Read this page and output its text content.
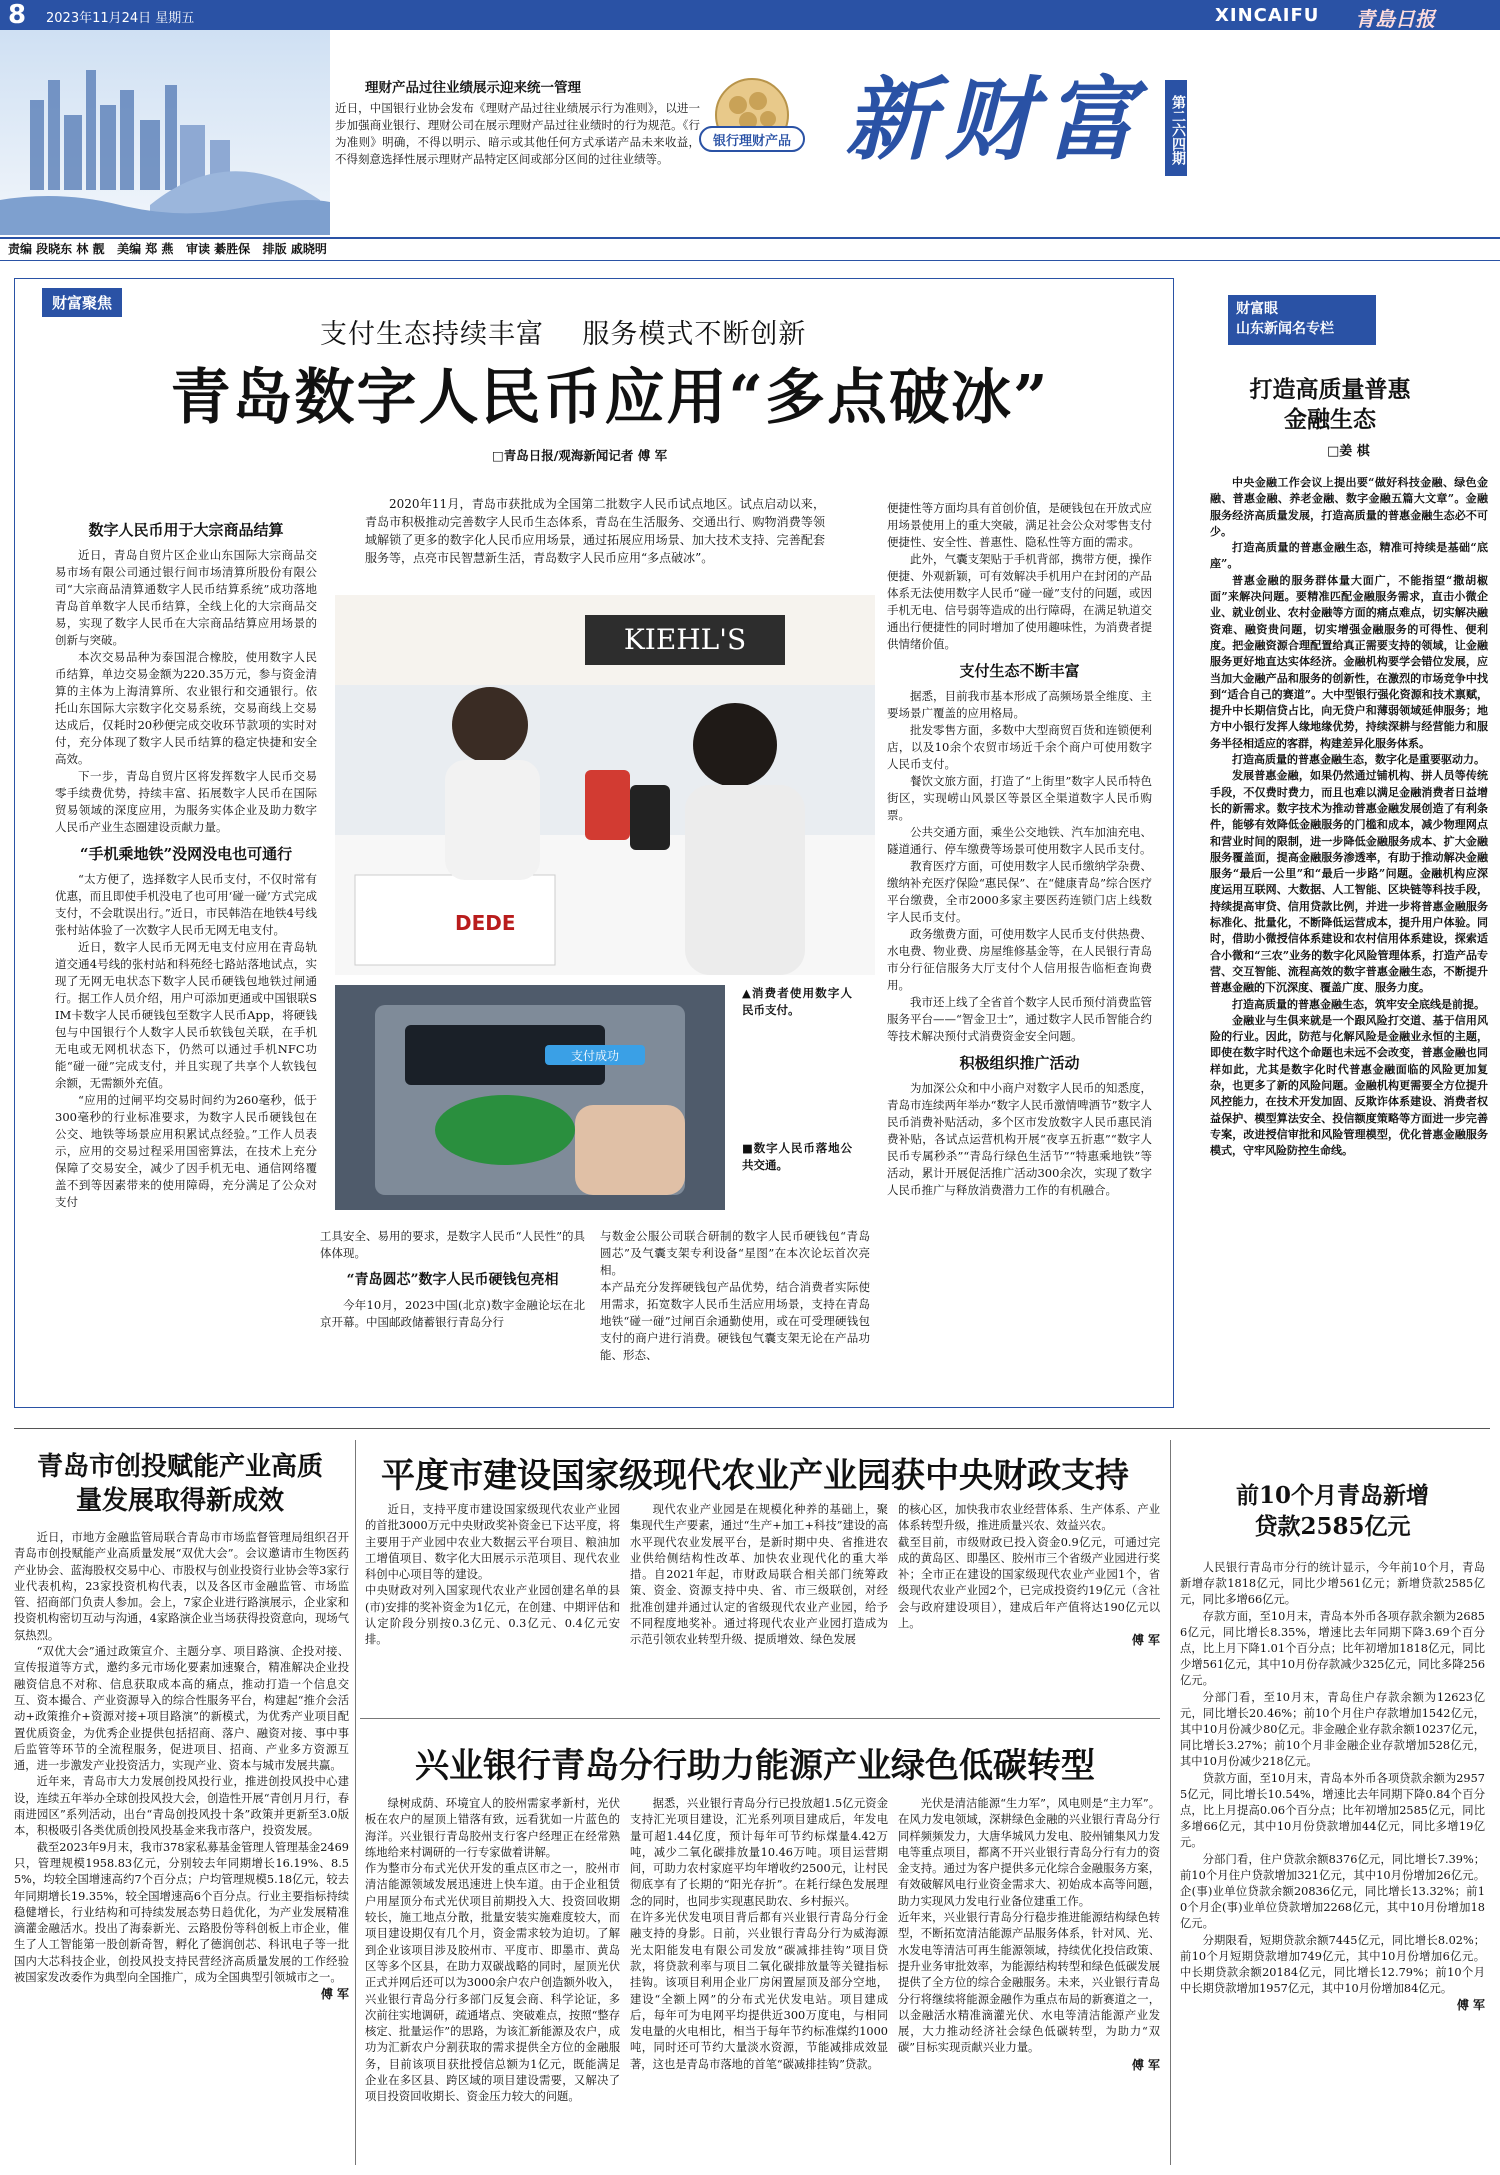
8 2023年11月24日 星期五	XINCAIFU 青島日报
理财产品过往业绩展示迎来统一管理
近日，中国银行业协会发布《理财产品过往业绩展示行为准则》，以进一步加强商业银行、理财公司在展示理财产品过往业绩时的行为规范。《行为准则》明确，不得以明示、暗示或其他任何方式承诺产品未来收益，不得刻意选择性展示理财产品特定区间或部分区间的过往业绩等。
银行理财产品 新财富	第二六四期
责编 段晓东 林 靓   美编 郑 燕   审读 綦胜保   排版 戚晓明
财富聚焦
支付生态持续丰富    服务模式不断创新
青岛数字人民币应用“多点破冰”
□青岛日报/观海新闻记者 傅 军
数字人民币用于大宗商品结算

近日，青岛自贸片区企业山东国际大宗商品交易市场有限公司通过银行间市场清算所股份有限公司“大宗商品清算通数字人民币结算系统”成功落地青岛首单数字人民币结算，全线上化的大宗商品交易，实现了数字人民币在大宗商品结算应用场景的创新与突破。

本次交易品种为泰国混合橡胶，使用数字人民币结算，单边交易金额为220.35万元，参与资金清算的主体为上海清算所、农业银行和交通银行。依托山东国际大宗数字化交易系统，交易商线上交易达成后，仅耗时20秒便完成交收环节款项的实时对付，充分体现了数字人民币结算的稳定快捷和安全高效。

下一步，青岛自贸片区将发挥数字人民币交易零手续费优势，持续丰富、拓展数字人民币在国际贸易领域的深度应用，为服务实体企业及助力数字人民币产业生态圈建设贡献力量。

“手机乘地铁”没网没电也可通行

“太方便了，选择数字人民币支付，不仅时常有优惠，而且即使手机没电了也可用‘碰一碰’方式完成支付，不会耽误出行。”近日，市民韩浩在地铁4号线张村站体验了一次数字人民币无网无电支付。

近日，数字人民币无网无电支付应用在青岛轨道交通4号线的张村站和科苑经七路站落地试点，实现了无网无电状态下数字人民币硬钱包地铁过闸通行。据工作人员介绍，用户可添加更通或中国银联SIM卡数字人民币硬钱包至数字人民币App，将硬钱包与中国银行个人数字人民币软钱包关联，在手机无电或无网机状态下，仍然可以通过手机NFC功能“碰一碰”完成支付，并且实现了共享个人软钱包余额，无需额外充值。

“应用的过闸平均交易时间约为260毫秒，低于300毫秒的行业标准要求，为数字人民币硬钱包在公交、地铁等场景应用积累试点经验。”工作人员表示，应用的交易过程采用国密算法，在技术上充分保障了交易安全，减少了因手机无电、通信网络覆盖不到等因素带来的使用障碍，充分满足了公众对支付

2020年11月，青岛市获批成为全国第二批数字人民币试点地区。试点启动以来，青岛市积极推动完善数字人民币生态体系，青岛在生活服务、交通出行、购物消费等领域解锁了更多的数字化人民币应用场景，通过拓展应用场景、加大技术支持、完善配套服务等，点亮市民智慧新生活，青岛数字人民币应用“多点破冰”。

KIEHL'S
DEDE
支付成功
▲消费者使用数字人民币支付。
■数字人民币落地公共交通。

工具安全、易用的要求，是数字人民币“人民性”的具体体现。

“青岛圆芯”数字人民币硬钱包亮相

今年10月，2023中国(北京)数字金融论坛在北京开幕。中国邮政储蓄银行青岛分行

与数金公服公司联合研制的数字人民币硬钱包“青岛圆芯”及气囊支架专利设备“星图”在本次论坛首次亮相。
本产品充分发挥硬钱包产品优势，结合消费者实际使用需求，拓宽数字人民币生活应用场景，支持在青岛地铁“碰一碰”过闸百余通勤使用，或在可受理硬钱包支付的商户进行消费。硬钱包气囊支架无论在产品功能、形态、

便捷性等方面均具有首创价值，是硬钱包在开放式应用场景使用上的重大突破，满足社会公众对零售支付便捷性、安全性、普惠性、隐私性等方面的需求。

此外，气囊支架贴于手机背部，携带方便，操作便捷、外观新颖，可有效解决手机用户在封闭的产品体系无法使用数字人民币“碰一碰”支付的问题，或因手机无电、信号弱等造成的出行障碍，在满足轨道交通出行便捷性的同时增加了使用趣味性，为消费者提供情绪价值。

支付生态不断丰富

据悉，目前我市基本形成了高频场景全维度、主要场景广覆盖的应用格局。

批发零售方面，多数中大型商贸百货和连锁便利店，以及10余个农贸市场近千余个商户可使用数字人民币支付。

餐饮文旅方面，打造了“上街里”数字人民币特色街区，实现崂山风景区等景区全渠道数字人民币购票。

公共交通方面，乘坐公交地铁、汽车加油充电、隧道通行、停车缴费等场景可使用数字人民币支付。

教育医疗方面，可使用数字人民币缴纳学杂费、缴纳补充医疗保险“惠民保”、在“健康青岛”综合医疗平台缴费，全市2000多家主要医药连锁门店上线数字人民币支付。

政务缴费方面，可使用数字人民币支付供热费、水电费、物业费、房屋维修基金等，在人民银行青岛市分行征信服务大厅支付个人信用报告临柜查询费用。

我市还上线了全省首个数字人民币预付消费监管服务平台——“智金卫士”，通过数字人民币智能合约等技术解决预付式消费资金安全问题。

积极组织推广活动

为加深公众和中小商户对数字人民币的知悉度，青岛市连续两年举办“数字人民币激情啤酒节”数字人民币消费补贴活动，多个区市发放数字人民币惠民消费补贴，各试点运营机构开展“夜享五折惠”“数字人民币专属秒杀”“青岛行绿色生活节”“特惠乘地铁”等活动，累计开展促活推广活动300余次，实现了数字人民币推广与释放消费潜力工作的有机融合。

财富眼
山东新闻名专栏
打造高质量普惠金融生态
□姜 棋

中央金融工作会议上提出要“做好科技金融、绿色金融、普惠金融、养老金融、数字金融五篇大文章”。金融服务经济高质量发展，打造高质量的普惠金融生态必不可少。

打造高质量的普惠金融生态，精准可持续是基础“底座”。

普惠金融的服务群体量大面广，不能指望“撒胡椒面”来解决问题。要精准匹配金融服务需求，直击小微企业、就业创业、农村金融等方面的痛点难点，切实解决融资难、融资贵问题，切实增强金融服务的可得性、便利度。把金融资源合理配置给真正需要支持的领域，让金融服务更好地直达实体经济。金融机构要学会错位发展，应当加大金融产品和服务的创新性，在激烈的市场竞争中找到“适合自己的赛道”。大中型银行强化资源和技术禀赋，提升中长期信贷占比，向无贷户和薄弱领域延伸服务；地方中小银行发挥人缘地缘优势，持续深耕与经营能力和服务半径相适应的客群，构建差异化服务体系。

打造高质量的普惠金融生态，数字化是重要驱动力。

发展普惠金融，如果仍然通过铺机构、拼人员等传统手段，不仅费时费力，而且也难以满足金融消费者日益增长的新需求。数字技术为推动普惠金融发展创造了有利条件，能够有效降低金融服务的门槛和成本，减少物理网点和营业时间的限制，进一步降低金融服务成本、扩大金融服务覆盖面，提高金融服务渗透率，有助于推动解决金融服务“最后一公里”和“最后一步路”问题。金融机构应深度运用互联网、大数据、人工智能、区块链等科技手段，持续提高审贷、信用贷款比例，并进一步将普惠金融服务标准化、批量化，不断降低运营成本，提升用户体验。同时，借助小微授信体系建设和农村信用体系建设，探索适合小微和“三农”业务的数字化风险管理体系，打造产品专营、交互智能、流程高效的数字普惠金融生态，不断提升普惠金融的下沉深度、覆盖广度、服务力度。

打造高质量的普惠金融生态，筑牢安全底线是前提。

金融业与生俱来就是一个跟风险打交道、基于信用风险的行业。因此，防范与化解风险是金融业永恒的主题，即使在数字时代这个命题也未远不会改变，普惠金融也同样如此，尤其是数字化时代普惠金融面临的风险更加复杂，也更多了新的风险问题。金融机构更需要全方位提升风控能力，在技术开发加固、反欺诈体系建设、消费者权益保护、模型算法安全、投信额度策略等方面进一步完善专案，改进授信审批和风险管理模型，优化普惠金融服务模式，守牢风险防控生命线。

青岛市创投赋能产业高质量发展取得新成效

近日，市地方金融监管局联合青岛市市场监督管理局组织召开青岛市创投赋能产业高质量发展“双优大会”。会议邀请市生物医药产业协会、蓝海股权交易中心、市股权与创业投资行业协会等3家行业代表机构，23家投资机构代表，以及各区市金融监管、市场监管、招商部门负责人参加。会上，7家企业进行路演展示，企业家和投资机构密切互动与沟通，4家路演企业当场获得投资意向，现场气氛热烈。

“双优大会”通过政策宣介、主题分享、项目路演、企投对接、宣传报道等方式，邀约多元市场化要素加速聚合，精准解决企业投融资信息不对称、信息获取成本高的痛点，推动打造一个信息交互、资本撮合、产业资源导入的综合性服务平台，构建起“推介会活动+政策推介+资源对接+项目路演”的新模式，为优秀产业项目配置优质资金，为优秀企业提供包括招商、落户、融资对接、事中事后监管等环节的全流程服务，促进项目、招商、产业多方资源互通，进一步激发产业投资活力，实现产业、资本与城市发展共赢。

近年来，青岛市大力发展创投风投行业，推进创投风投中心建设，连续五年举办全球创投风投大会，创造性开展“青创月月行，春雨进园区”系列活动，出台“青岛创投风投十条”政策并更新至3.0版本，积极吸引各类优质创投风投基金来我市落户，投资发展。

截至2023年9月末，我市378家私募基金管理人管理基金2469只，管理规模1958.83亿元，分别较去年同期增长16.19%、8.55%，均较全国增速高约7个百分点；户均管理规模5.18亿元，较去年同期增长19.35%，较全国增速高6个百分点。行业主要指标持续稳健增长，行业结构和可持续发展态势日趋优化，为产业发展精准滴灌金融活水。投出了海泰新光、云路股份等科创板上市企业，催生了人工智能第一股创新奇智，孵化了德润创芯、科讯电子等一批国内大芯科技企业，创投风投支持民营经济高质量发展的工作经验被国家发改委作为典型向全国推广，成为全国典型引领城市之一。

傅 军
平度市建设国家级现代农业产业园获中央财政支持

近日，支持平度市建设国家级现代农业产业园的首批3000万元中央财政奖补资金已下达平度，将主要用于产业园中农业大数据云平台项目、粮油加工增值项目、数字化大田展示示范项目、现代农业科创中心项目等的建设。
中央财政对列入国家现代农业产业园创建名单的县(市)安排的奖补资金为1亿元，在创建、中期评估和认定阶段分别按0.3亿元、0.3亿元、0.4亿元安排。

现代农业产业园是在规模化种养的基础上，聚集现代生产要素，通过“生产+加工+科技”建设的高水平现代农业发展平台，是新时期中央、省推进农业供给侧结构性改革、加快农业现代化的重大举措。自2021年起，市财政局联合相关部门统筹政策、资金、资源支持中央、省、市三级联创，对经批准创建并通过认定的省级现代农业产业园，给予不同程度地奖补。通过将现代农业产业园打造成为示范引领农业转型升级、提质增效、绿色发展

的核心区，加快我市农业经营体系、生产体系、产业体系转型升级，推进质量兴农、效益兴农。
截至目前，市级财政已投入资金0.9亿元，可通过完成的黄岛区、即墨区、胶州市三个省级产业园进行奖补；全市正在建设的国家级现代农业产业园1个，省级现代农业产业园2个，已完成投资约19亿元（含社会与政府建设项目），建成后年产值将达190亿元以上。

傅 军
兴业银行青岛分行助力能源产业绿色低碳转型

绿树成荫、环境宜人的胶州需家孝新村，光伏板在农户的屋顶上错落有致，远看犹如一片蓝色的海洋。兴业银行青岛胶州支行客户经理正在经常熟练地给来村调研的一行专家做着讲解。
作为整市分布式光伏开发的重点区市之一，胶州市清洁能源领域发展迅速进上快车道。由于企业租赁户用屋顶分布式光伏项目前期投入大、投资回收期较长，施工地点分散，批量安装实施难度较大，而项目建设期仅有几个月，资金需求较为迫切。了解到企业该项目涉及胶州市、平度市、即墨市、黄岛区等多个区县，在助力双碳战略的同时，屋顶光伏正式并网后还可以为3000余户农户创造额外收入，兴业银行青岛分行多部门反复会商、科学论证，多次前往实地调研，疏通堵点、突破难点，按照“整存核定、批量运作”的思路，为该汇新能源及农户，成功为汇新农户分割获取的需求提供全方位的金融服务，目前该项目获批授信总额为1亿元，既能满足企业在多区县、跨区域的项目建设需要，又解决了项目投资回收期长、资金压力较大的问题。

据悉，兴业银行青岛分行已投放超1.5亿元资金支持汇光项目建设，汇光系列项目建成后，年发电量可超1.44亿度，预计每年可节约标煤量4.42万吨，减少二氧化碳排放量10.46万吨。项目运营期间，可助力农村家庭平均年增收约2500元，让村民彻底享有了长期的“阳光存折”。在耗行绿色发展理念的同时，也同步实现惠民助农、乡村振兴。
在许多光伏发电项目背后都有兴业银行青岛分行金融支持的身影。日前，兴业银行青岛分行为威海源光太阳能发电有限公司发放“碳减排挂钩”项目贷款，将贷款利率与项目二氧化碳排放量等关键指标挂钩。该项目利用企业厂房闲置屋顶及部分空地，建设“全额上网”的分布式光伏发电站。项目建成后，每年可为电网平均提供近300万度电，与相同发电量的火电相比，相当于每年节约标准煤约1000吨，同时还可节约大量淡水资源，节能减排成效显著，这也是青岛市落地的首笔“碳减排挂钩”贷款。

光伏是清洁能源“生力军”，风电则是“主力军”。在风力发电领域，深耕绿色金融的兴业银行青岛分行同样频频发力，大唐华城风力发电、胶州铺集风力发电等重点项目，都离不开兴业银行青岛分行有力的资金支持。通过为客户提供多元化综合金融服务方案，有效破解风电行业资金需求大、初始成本高等问题，助力实现风力发电行业备位建重工作。
近年来，兴业银行青岛分行稳步推进能源结构绿色转型，不断拓宽清洁能源产品服务体系，针对风、光、水发电等清洁可再生能源领域，持续优化投信政策、提升业务审批效率，为能源结构转型和绿色低碳发展提供了全方位的综合金融服务。未来，兴业银行青岛分行将继续将能源金融作为重点布局的新赛道之一，以金融活水精准滴灌光伏、水电等清洁能源产业发展，大力推动经济社会绿色低碳转型，为助力“双碳”目标实现贡献兴业力量。

傅 军
前10个月青岛新增贷款2585亿元

人民银行青岛市分行的统计显示，今年前10个月，青岛新增存款1818亿元，同比少增561亿元；新增贷款2585亿元，同比多增66亿元。

存款方面，至10月末，青岛本外币各项存款余额为26856亿元，同比增长8.35%，增速比去年同期下降3.69个百分点，比上月下降1.01个百分点；比年初增加1818亿元，同比少增561亿元，其中10月份存款减少325亿元，同比多降256亿元。

分部门看，至10月末，青岛住户存款余额为12623亿元，同比增长20.46%；前10个月住户存款增加1542亿元，其中10月份减少80亿元。非金融企业存款余额10237亿元，同比增长3.27%；前10个月非金融企业存款增加528亿元，其中10月份减少218亿元。

贷款方面，至10月末，青岛本外币各项贷款余额为29575亿元，同比增长10.54%，增速比去年同期下降0.84个百分点，比上月提高0.06个百分点；比年初增加2585亿元，同比多增66亿元，其中10月份贷款增加44亿元，同比多增19亿元。

分部门看，住户贷款余额8376亿元，同比增长7.39%；前10个月住户贷款增加321亿元，其中10月份增加26亿元。企(事)业单位贷款余额20836亿元，同比增长13.32%；前10个月企(事)业单位贷款增加2268亿元，其中10月份增加18亿元。

分期限看，短期贷款余额7445亿元，同比增长8.02%；前10个月短期贷款增加749亿元，其中10月份增加6亿元。中长期贷款余额20184亿元，同比增长12.79%；前10个月中长期贷款增加1957亿元，其中10月份增加84亿元。

傅 军
